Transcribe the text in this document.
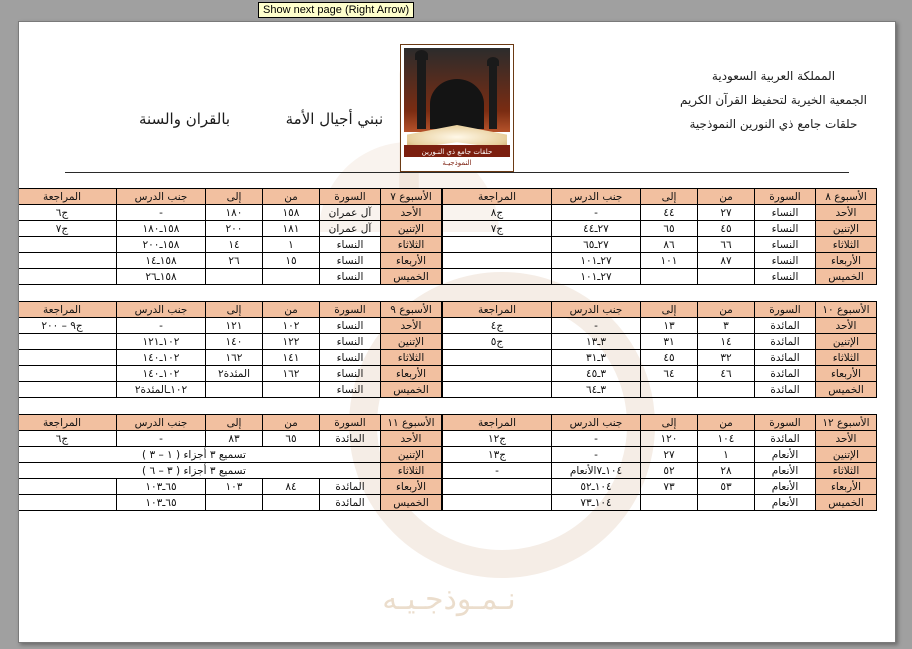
Show next page (Right Arrow)
نـمـوذجـيـه
المملكة العربية السعودية
الجمعية الخيرية لتحفيظ القرآن الكريم
حلقات جامع ذي النورين النموذجية
حلقات جامع ذي النـورين
النموذجيـة
نبني أجيال الأمة  بالقران والسنة
الأسبوع ٨	السورة	من	إلى	جنب الدرس	المراجعة
الأحد	النساء	٢٧	٤٤	-	ج٨
الإتنين	النساء	٤٥	٦٥	٢٧ـ٤٤	ج٧
الثلاثاء	النساء	٦٦	٨٦	٢٧ـ٦٥	
الأربعاء	النساء	٨٧	١٠١	٢٧ـ١٠١	
الخميس	النساء			٢٧ـ١٠١	
الأسبوع ٧	السورة	من	إلى	جنب الدرس	المراجعة
الأحد	آل عمران	١٥٨	١٨٠	-	ج٦
الإتنين	آل عمران	١٨١	٢٠٠	١٥٨ـ١٨٠	ج٧
الثلاثاء	النساء	١	١٤	١٥٨ـ٢٠٠	
الأربعاء	النساء	١٥	٢٦	١٥٨ـ١٤	
الخميس	النساء			١٥٨ـ٢٦	
الأسبوع ١٠	السورة	من	إلى	جنب الدرس	المراجعة
الأحد	المائدة	٣	١٣	-	ج٤
الإتنين	المائدة	١٤	٣١	٣ـ١٣	ج٥
الثلاثاء	المائدة	٣٢	٤٥	٣ـ٣١	
الأربعاء	المائدة	٤٦	٦٤	٣ـ٤٥	
الخميس	المائدة			٣ـ٦٤	
الأسبوع ٩	السورة	من	إلى	جنب الدرس	المراجعة
الأحد	النساء	١٠٢	١٢١	-	ج٩ – ٢٠٠
الإتنين	النساء	١٢٢	١٤٠	١٠٢ـ١٢١	
الثلاثاء	النساء	١٤١	١٦٢	١٠٢ـ١٤٠	
الأربعاء	النساء	١٦٢	المئدة٢	١٠٢ـ١٤٠	
الخميس	النساء			١٠٢ـالمئدة٢	
الأسبوع ١٢	السورة	من	إلى	جنب الدرس	المراجعة
الأحد	المائدة	١٠٤	١٢٠	-	ج١٢
الإتنين	الأنعام	١	٢٧	-	ج١٣
الثلاثاء	الأنعام	٢٨	٥٢	١٠٤ـ٧الأنعام	-
الأربعاء	الأنعام	٥٣	٧٣	١٠٤ـ٥٢	
الخميس	الأنعام			١٠٤ـ٧٣	
الأسبوع ١١	السورة	من	إلى	جنب الدرس	المراجعة
الأحد	المائدة	٦٥	٨٣	-	ج٦
الإتنين	تسميع ٣ أجزاء ( ١ – ٣ )				
الثلاثاء	تسميع ٣ أجزاء ( ٣ – ٦ )				
الأربعاء	المائدة	٨٤	١٠٣	٦٥ـ١٠٣	
الخميس	المائدة			٦٥ـ١٠٣	
